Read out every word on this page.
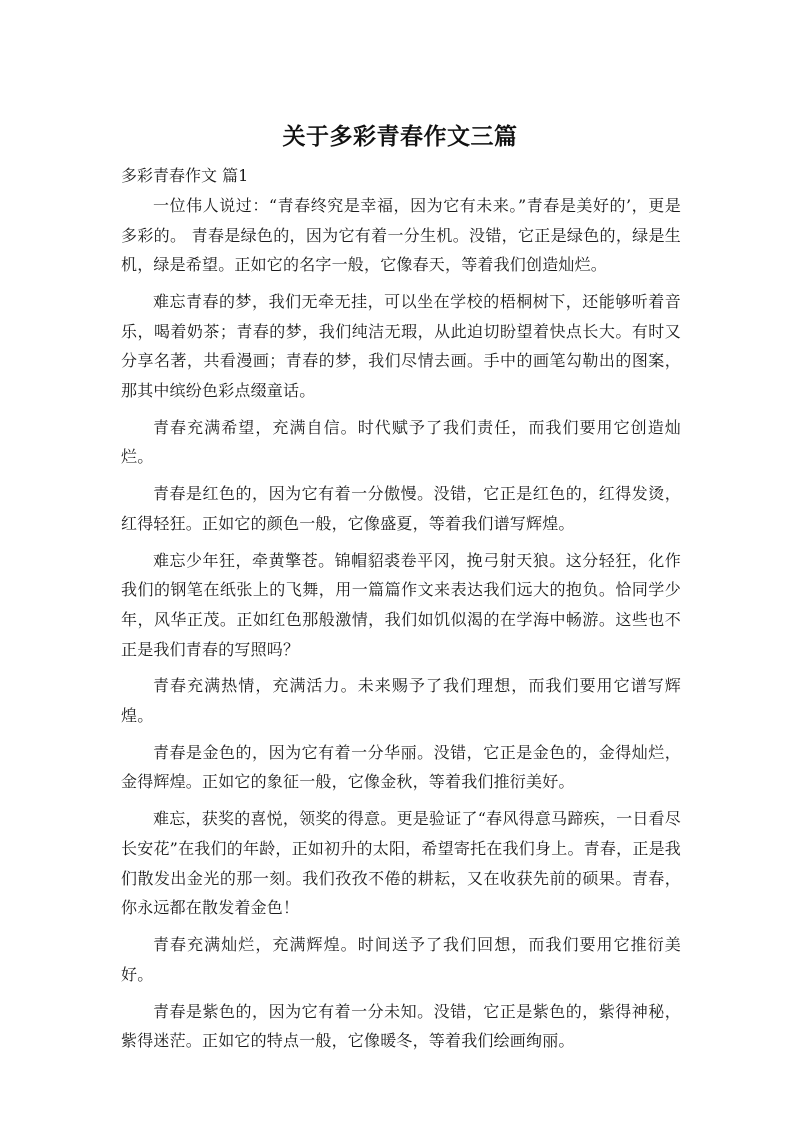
关于多彩青春作文三篇
多彩青春作文 篇1

一位伟人说过：“青春终究是幸福，因为它有未来。”青春是美好的’，更是多彩的。 青春是绿色的，因为它有着一分生机。没错，它正是绿色的，绿是生机，绿是希望。正如它的名字一般，它像春天，等着我们创造灿烂。

难忘青春的梦，我们无牵无挂，可以坐在学校的梧桐树下，还能够听着音乐，喝着奶茶；青春的梦，我们纯洁无瑕，从此迫切盼望着快点长大。有时又分享名著，共看漫画；青春的梦，我们尽情去画。手中的画笔勾勒出的图案，那其中缤纷色彩点缀童话。

青春充满希望，充满自信。时代赋予了我们责任，而我们要用它创造灿烂。

青春是红色的，因为它有着一分傲慢。没错，它正是红色的，红得发烫，红得轻狂。正如它的颜色一般，它像盛夏，等着我们谱写辉煌。

难忘少年狂，牵黄擎苍。锦帽貂裘卷平冈，挽弓射天狼。这分轻狂，化作我们的钢笔在纸张上的飞舞，用一篇篇作文来表达我们远大的抱负。恰同学少年，风华正茂。正如红色那般激情，我们如饥似渴的在学海中畅游。这些也不正是我们青春的写照吗？

青春充满热情，充满活力。未来赐予了我们理想，而我们要用它谱写辉煌。

青春是金色的，因为它有着一分华丽。没错，它正是金色的，金得灿烂，金得辉煌。正如它的象征一般，它像金秋，等着我们推衍美好。

难忘，获奖的喜悦，领奖的得意。更是验证了“春风得意马蹄疾，一日看尽长安花”在我们的年龄，正如初升的太阳，希望寄托在我们身上。青春，正是我们散发出金光的那一刻。我们孜孜不倦的耕耘，又在收获先前的硕果。青春，你永远都在散发着金色！

青春充满灿烂，充满辉煌。时间送予了我们回想，而我们要用它推衍美好。

青春是紫色的，因为它有着一分未知。没错，它正是紫色的，紫得神秘，紫得迷茫。正如它的特点一般，它像暖冬，等着我们绘画绚丽。
